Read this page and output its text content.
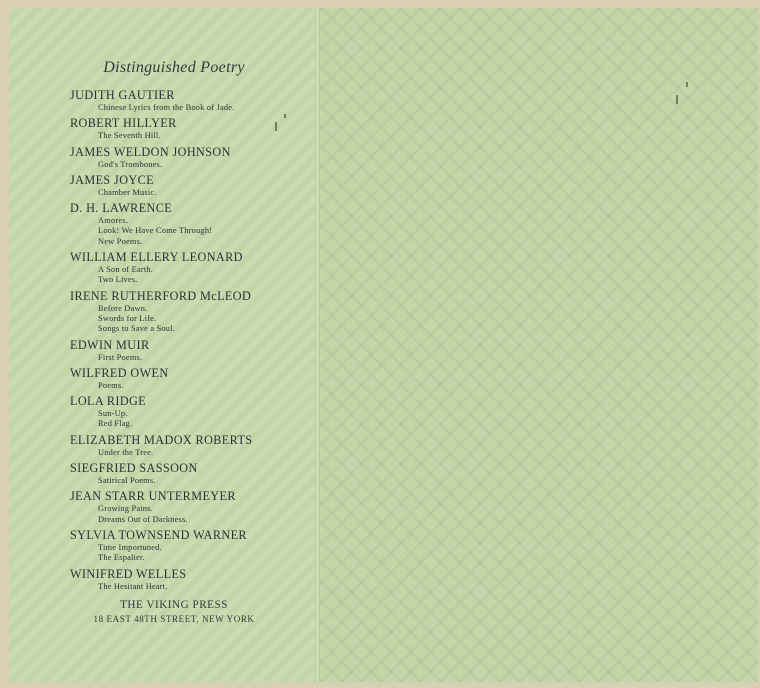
Distinguished Poetry
JUDITH GAUTIER
Chinese Lyrics from the Book of Jade.
ROBERT HILLYER
The Seventh Hill.
JAMES WELDON JOHNSON
God's Trombones.
JAMES JOYCE
Chamber Music.
D. H. LAWRENCE
Amores.
Look! We Have Come Through!
New Poems.
WILLIAM ELLERY LEONARD
A Son of Earth.
Two Lives.
IRENE RUTHERFORD McLEOD
Before Dawn.
Swords for Life.
Songs to Save a Soul.
EDWIN MUIR
First Poems.
WILFRED OWEN
Poems.
LOLA RIDGE
Sun-Up.
Red Flag.
ELIZABETH MADOX ROBERTS
Under the Tree.
SIEGFRIED SASSOON
Satirical Poems.
JEAN STARR UNTERMEYER
Growing Pains.
Dreams Out of Darkness.
SYLVIA TOWNSEND WARNER
Time Importuned.
The Espalier.
WINIFRED WELLES
The Hesitant Heart.
THE VIKING PRESS
18 EAST 48TH STREET, NEW YORK
